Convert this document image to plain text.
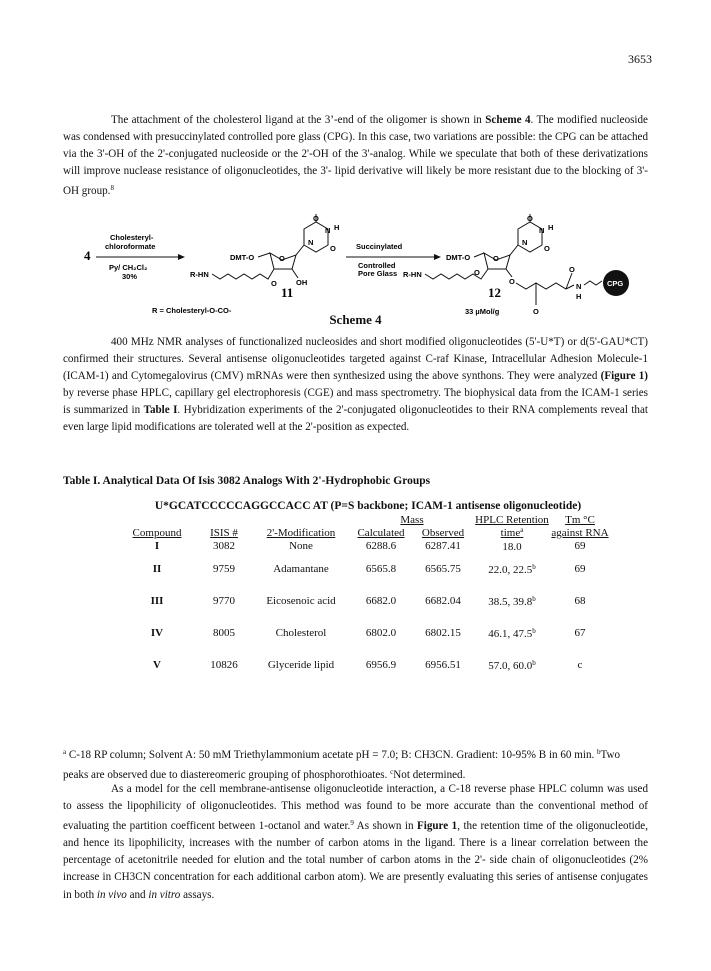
3653

The attachment of the cholesterol ligand at the 3’-end of the oligomer is shown in Scheme 4. The modified nucleoside was condensed with presuccinylated controlled pore glass (CPG). In this case, two variations are possible: the CPG can be attached via the 3'-OH of the 2'-conjugated nucleoside or the 2'-OH of the 3'-analog. While we speculate that both of these derivatizations will improve nuclease resistance of oligonucleotides, the 3'- lipid derivative will likely be more resistant due to the blocking of 3'-OH group.$^8$

4
Cholesteryl-
chloroformate
Py/ CH₂Cl₂
30%
DMT-O	O
N
N H
O
O
OH
O
R-HN
11
Succinylated
Controlled
Pore Glass
DMT-O	O
N
N H
O
O
O
R-HN
O
O
O
N
H
CPG
12
33 µMol/g
R = Cholesteryl-O-CO-
Scheme 4

400 MHz NMR analyses of functionalized nucleosides and short modified oligonucleotides (5'-U*T) or d(5'-GAU*CT) confirmed their structures. Several antisense oligonucleotides targeted against C-raf Kinase, Intracellular Adhesion Molecule-1 (ICAM-1) and Cytomegalovirus (CMV) mRNAs were then synthesized using the above synthons. They were analyzed (Figure 1) by reverse phase HPLC, capillary gel electrophoresis (CGE) and mass spectrometry. The biophysical data from the ICAM-1 series is summarized in Table I. Hybridization experiments of the 2'-conjugated oligonucleotides to their RNA complements reveal that even large lipid modifications are tolerated well at the 2'-position as expected.

Table I. Analytical Data Of Isis 3082 Analogs With 2'-Hydrophobic Groups
U*GCATCCCCCAGGCCACC AT (P=S backbone; ICAM-1 antisense oligonucleotide)
			Mass		HPLC Retention	Tm °C
Compound	ISIS #	2'-Modification	Calculated	Observed	time$^a$	against RNA
I	3082	None	6288.6	6287.41	18.0	69
II	9759	Adamantane	6565.8	6565.75	22.0, 22.5$^b$	69
III	9770	Eicosenoic acid	6682.0	6682.04	38.5, 39.8$^b$	68
IV	8005	Cholesterol	6802.0	6802.15	46.1, 47.5$^b$	67
V	10826	Glyceride lipid	6956.9	6956.51	57.0, 60.0$^b$	c

$^a$ C-18 RP column; Solvent A: 50 mM Triethylammonium acetate pH = 7.0; B: CH3CN. Gradient: 10-95% B in 60 min. $^b$Two peaks are observed due to diastereomeric grouping of phosphorothioates. $^c$Not determined.

As a model for the cell membrane-antisense oligonucleotide interaction, a C-18 reverse phase HPLC column was used to assess the lipophilicity of oligonucleotides. This method was found to be more accurate than the conventional method of evaluating the partition coefficent between 1-octanol and water.$^9$ As shown in Figure 1, the retention time of the oligonucleotide, and hence its lipophilicity, increases with the number of carbon atoms in the ligand. There is a linear correlation between the percentage of acetonitrile needed for elution and the total number of carbon atoms in the 2'- side chain of oligonucleotides (2% increase in CH3CN concentration for each additional carbon atom). We are presently evaluating this series of antisense conjugates in both in vivo and in vitro assays.
